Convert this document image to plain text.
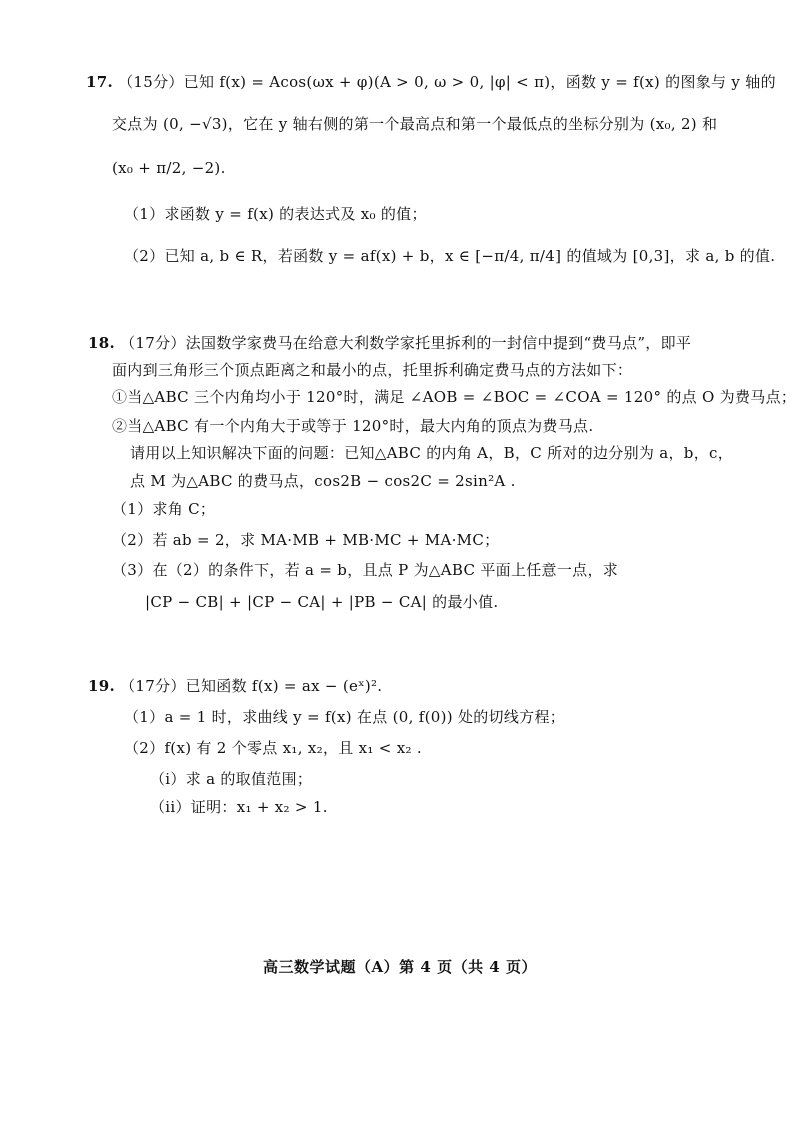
17. （15分）已知 f(x) = Acos(ωx + φ)(A > 0, ω > 0, |φ| < π)，函数 y = f(x) 的图象与 y 轴的
交点为 (0, −√3)，它在 y 轴右侧的第一个最高点和第一个最低点的坐标分别为 (x₀, 2) 和
(x₀ + π/2, −2).
（1）求函数 y = f(x) 的表达式及 x₀ 的值；
（2）已知 a, b ∈ R，若函数 y = af(x) + b，x ∈ [−π/4, π/4] 的值域为 [0,3]，求 a, b 的值.
18. （17分）法国数学家费马在给意大利数学家托里拆利的一封信中提到“费马点”，即平
面内到三角形三个顶点距离之和最小的点，托里拆利确定费马点的方法如下：
①当△ABC 三个内角均小于 120°时，满足 ∠AOB = ∠BOC = ∠COA = 120° 的点 O 为费马点；
②当△ABC 有一个内角大于或等于 120°时，最大内角的顶点为费马点.
请用以上知识解决下面的问题：已知△ABC 的内角 A，B，C 所对的边分别为 a，b，c，
点 M 为△ABC 的费马点，cos2B − cos2C = 2sin²A .
（1）求角 C；
（2）若 ab = 2，求 MA·MB + MB·MC + MA·MC；
（3）在（2）的条件下，若 a = b，且点 P 为△ABC 平面上任意一点，求
|CP − CB| + |CP − CA| + |PB − CA| 的最小值.
19. （17分）已知函数 f(x) = ax − (eˣ)².
（1）a = 1 时，求曲线 y = f(x) 在点 (0, f(0)) 处的切线方程；
（2）f(x) 有 2 个零点 x₁, x₂，且 x₁ < x₂ .
（i）求 a 的取值范围；
（ii）证明：x₁ + x₂ > 1.
高三数学试题（A）第 4 页（共 4 页）
